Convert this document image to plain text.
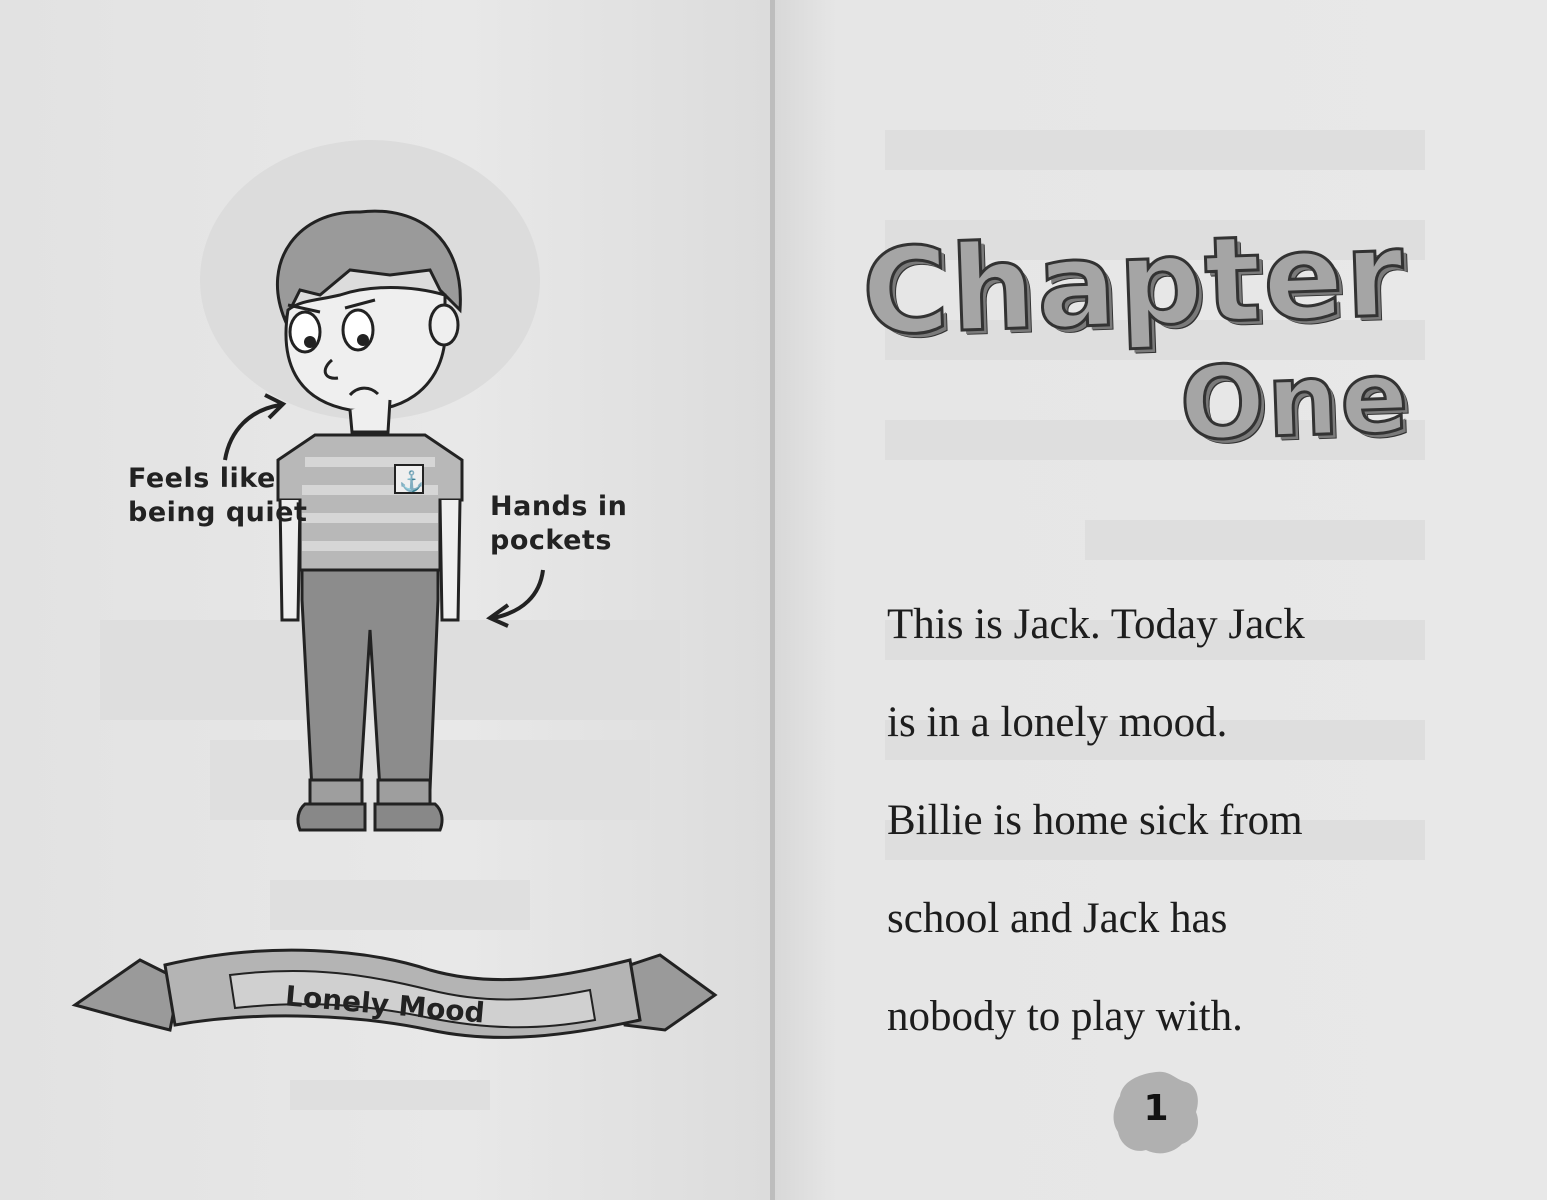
⚓
Feels like
being quiet	Hands in
pockets
Lonely Mood
Chapter
One
This is Jack. Today Jack
is in a lonely mood.
Billie is home sick from
school and Jack has
nobody to play with.
1
